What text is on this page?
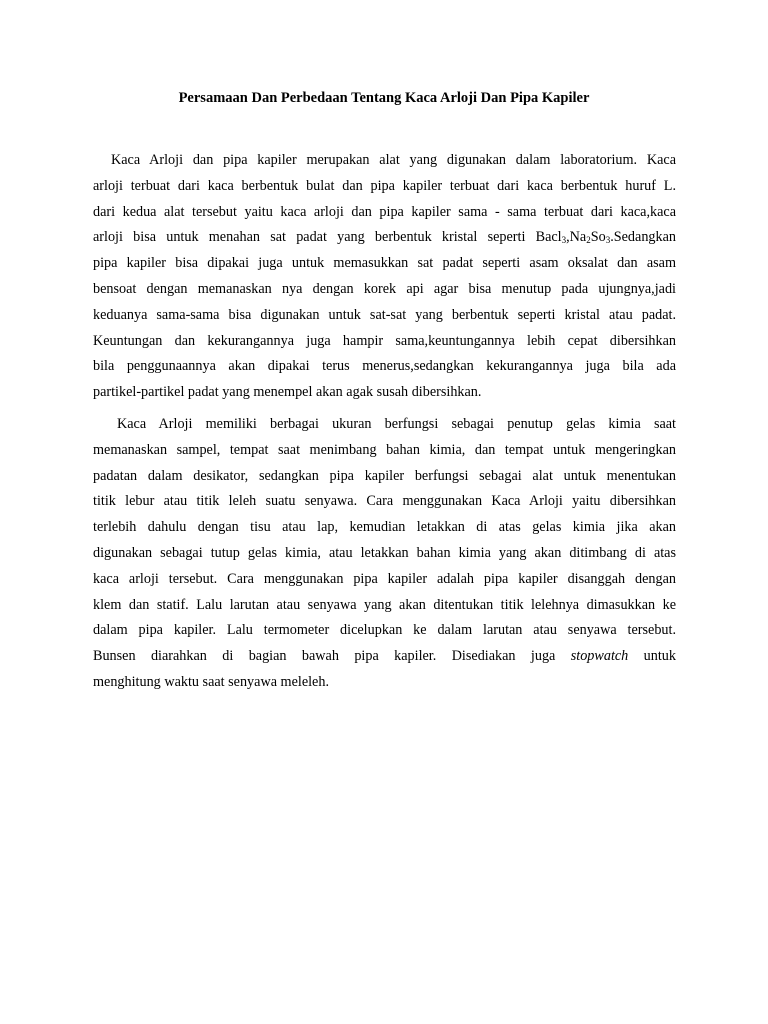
Persamaan Dan Perbedaan Tentang Kaca Arloji Dan Pipa Kapiler

Kaca Arloji dan pipa kapiler merupakan alat yang digunakan dalam laboratorium. Kaca
arloji terbuat dari kaca berbentuk bulat dan pipa kapiler terbuat dari kaca berbentuk huruf L.
dari kedua alat tersebut yaitu kaca arloji dan pipa kapiler sama - sama terbuat dari kaca,kaca
arloji bisa untuk menahan sat padat yang berbentuk kristal seperti $Bacl_3,Na_2So_3.Sedangkan$
pipa kapiler bisa dipakai juga untuk memasukkan sat padat seperti asam oksalat dan asam
bensoat dengan memanaskan nya dengan korek api agar bisa menutup pada ujungnya,jadi
keduanya sama-sama bisa digunakan untuk sat-sat yang berbentuk seperti kristal atau padat.
Keuntungan dan kekurangannya juga hampir sama,keuntungannya lebih cepat dibersihkan
bila penggunaannya akan dipakai terus menerus,sedangkan kekurangannya juga bila ada
partikel-partikel padat yang menempel akan agak susah dibersihkan.

Kaca Arloji memiliki berbagai ukuran berfungsi sebagai penutup gelas kimia saat
memanaskan sampel, tempat saat menimbang bahan kimia, dan tempat untuk mengeringkan
padatan dalam desikator, sedangkan pipa kapiler berfungsi sebagai alat untuk menentukan
titik lebur atau titik leleh suatu senyawa. Cara menggunakan Kaca Arloji yaitu dibersihkan
terlebih dahulu dengan tisu atau lap, kemudian letakkan di atas gelas kimia jika akan
digunakan sebagai tutup gelas kimia, atau letakkan bahan kimia yang akan ditimbang di atas
kaca arloji tersebut. Cara menggunakan pipa kapiler adalah pipa kapiler disanggah dengan
klem dan statif. Lalu larutan atau senyawa yang akan ditentukan titik lelehnya dimasukkan ke
dalam pipa kapiler. Lalu termometer dicelupkan ke dalam larutan atau senyawa tersebut.
Bunsen diarahkan di bagian bawah pipa kapiler. Disediakan juga stopwatch untuk
menghitung waktu saat senyawa meleleh.
